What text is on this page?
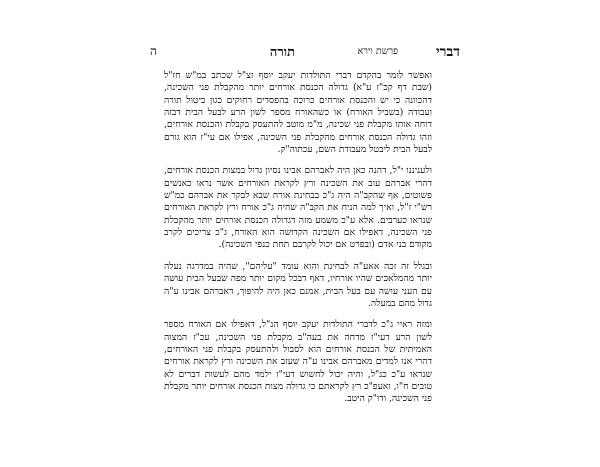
דברי
פרשת וירא
תורה
ה

ואפשר לומר בהקדם דברי התולדות יעקב יוסף זצ"ל שכתב במ"ש חז"ל (שבת דף קכ"ז ע"א) גדולה הכנסת אורחים יותר מהקבלת פני השכינה, דהכוונה כי יש והכנסת אורחים כרוכה בהפסדים רחוקים כגון ביטול תורה ועבודה (בשביל האורח) או כשהאורח מספר לשון הרע לבעל הבית דבזה דוחה אותו מקבלת פני שכינה, מ"מ מוטב להתעסק בקבלת והכנסת אורחים, וזהו גדולה הכנסת אורחים מהקבלת פני השכינה, אפילו אם עי"ז הוא גורם לבעל הבית ליבטל מעבודת השם, עכתוה"ק.

ולעניננו י"ל, דהנה כאן היה לאברהם אבינו נסיון גדול במצות הכנסת אורחים, דהרי אברהם עוב את השכינה ורץ לקראת האורחים אשר נראו כאנשים פשוטים, אף שהקב"ה היה ג"כ בבחינת אורח שבא לבקר את אברהם כמ"ש רש"י ז"ל, ואיך למה הניח את הקב"ה שהיה ג"כ אורח ורץ לקראת האורחים שנראו כערבים. אלא ע"כ משמע מזה דגדולה הכנסת אורחים יותר מהקבלת פני השכינה, דאפילו אם השכינה הקדושה הוא האורח, ג"כ צריכים לקרב מקודם בני אדם (ובפרט אם יכול לקרבם תחת כנפי השכינה).

ובגלל זה זכה אאע"ה לבחינת והוא עומד "עליהם", שהיה במדרגה נעלה יותר מהמלאכים שהיו אורחיו, דאף דבכל מקום יותר מפה שבעל הבית עושה עם העני עושה עם בעל הבית, אמנם כאן היה להיפוך, דאברהם אבינו ע"ה גדול מהם במעלה.

ומזה ראיי ג"כ לדברי התולדות יעקב יוסף הנ"ל, דאפילו אם האורח מספר לשון הרע דעי"ז מדחה את בעה"ב מקבלת פני השכינה, עכ"ז המצוה האמיתית של הכנסת אורחים הוא לסבול ולהתעסק בקבלת פני האורחים, דהרי אנו למדים מאברהם אבינו ע"ה שעזב את השכינה ורץ לקראת אורחים שנראו ע"כ כנ"ל, והיה יכול לחשוש דעי"ז ילמד מהם לעשות דברים לא טובים ח"ו, ואעפ"כ רץ לקראתם כי גדולה מצות הכנסת אורחים יותר מקבלת פני השכינה, ודו"ק היטב.
